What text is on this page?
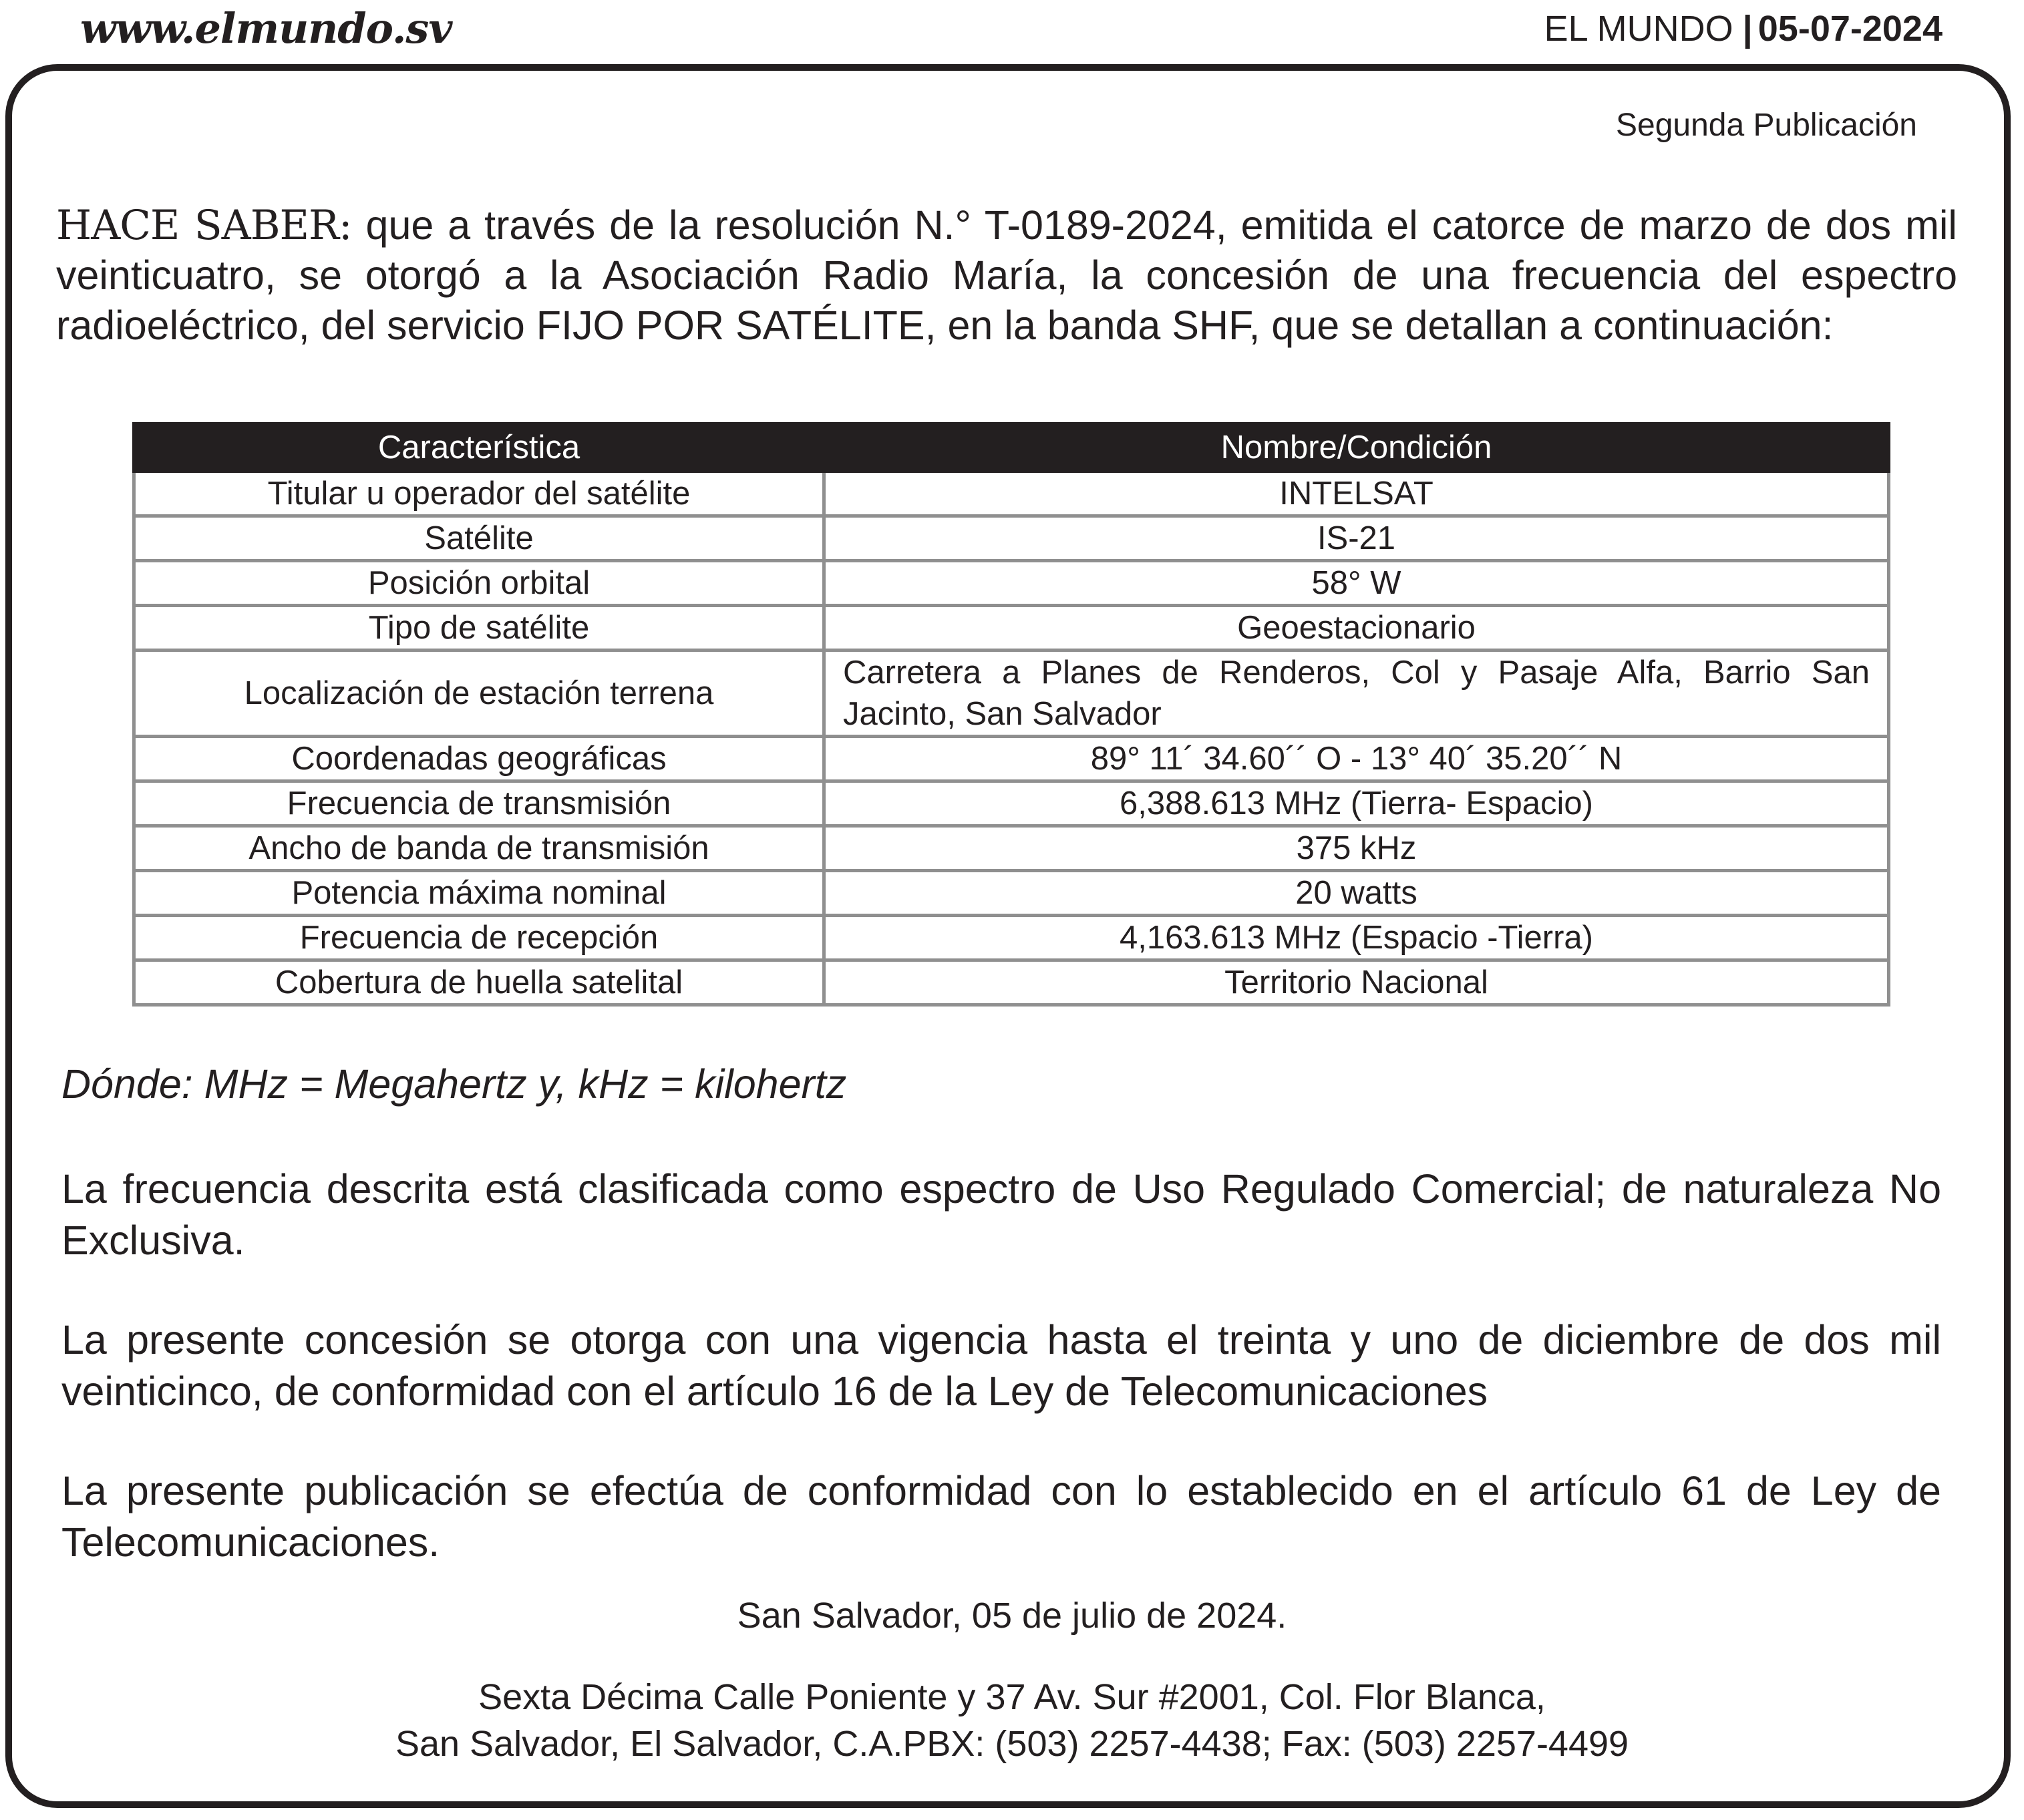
www.elmundo.sv	EL MUNDO | 05-07-2024
Segunda Publicación
HACE SABER: que a través de la resolución N.° T-0189-2024, emitida el catorce de marzo de dos mil veinticuatro, se otorgó a la Asociación Radio María, la concesión de una frecuencia del espectro radioeléctrico, del servicio FIJO POR SATÉLITE, en la banda SHF, que se detallan a continuación:
Característica	Nombre/Condición
Titular u operador del satélite	INTELSAT
Satélite	IS-21
Posición orbital	58° W
Tipo de satélite	Geoestacionario
Localización de estación terrena	Carretera a Planes de Renderos, Col y Pasaje Alfa, Barrio San Jacinto, San Salvador
Coordenadas geográficas	89° 11´ 34.60´´ O - 13° 40´ 35.20´´ N
Frecuencia de transmisión	6,388.613 MHz (Tierra- Espacio)
Ancho de banda de transmisión	375 kHz
Potencia máxima nominal	20 watts
Frecuencia de recepción	4,163.613 MHz (Espacio -Tierra)
Cobertura de huella satelital	Territorio Nacional
Dónde: MHz = Megahertz y, kHz = kilohertz
La frecuencia descrita está clasificada como espectro de Uso Regulado Comercial; de naturaleza No Exclusiva.
La presente concesión se otorga con una vigencia hasta el treinta y uno de diciembre de dos mil veinticinco, de conformidad con el artículo 16 de la Ley de Telecomunicaciones
La presente publicación se efectúa de conformidad con lo establecido en el artículo 61 de Ley de Telecomunicaciones.
San Salvador, 05 de julio de 2024.
Sexta Décima Calle Poniente y 37 Av. Sur #2001, Col. Flor Blanca,
San Salvador, El Salvador, C.A.PBX: (503) 2257-4438; Fax: (503) 2257-4499
